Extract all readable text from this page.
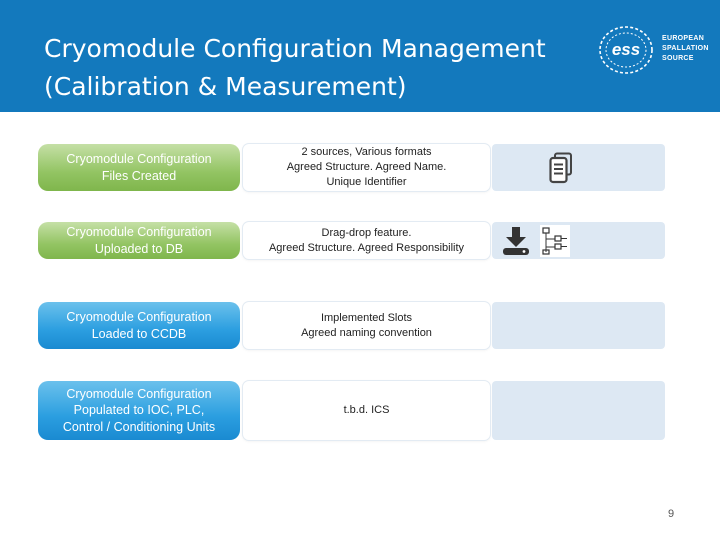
Cryomodule Configuration Management
(Calibration & Measurement)
ess
EUROPEAN
SPALLATION
SOURCE
Cryomodule Configuration
Files Created
2 sources, Various formats
Agreed Structure. Agreed Name.
Unique Identifier
Cryomodule Configuration
Uploaded to DB
Drag-drop feature.
Agreed Structure. Agreed Responsibility
Cryomodule Configuration
Loaded to CCDB
Implemented Slots
Agreed naming convention
Cryomodule Configuration
Populated to IOC, PLC,
Control / Conditioning Units
t.b.d. ICS
9
